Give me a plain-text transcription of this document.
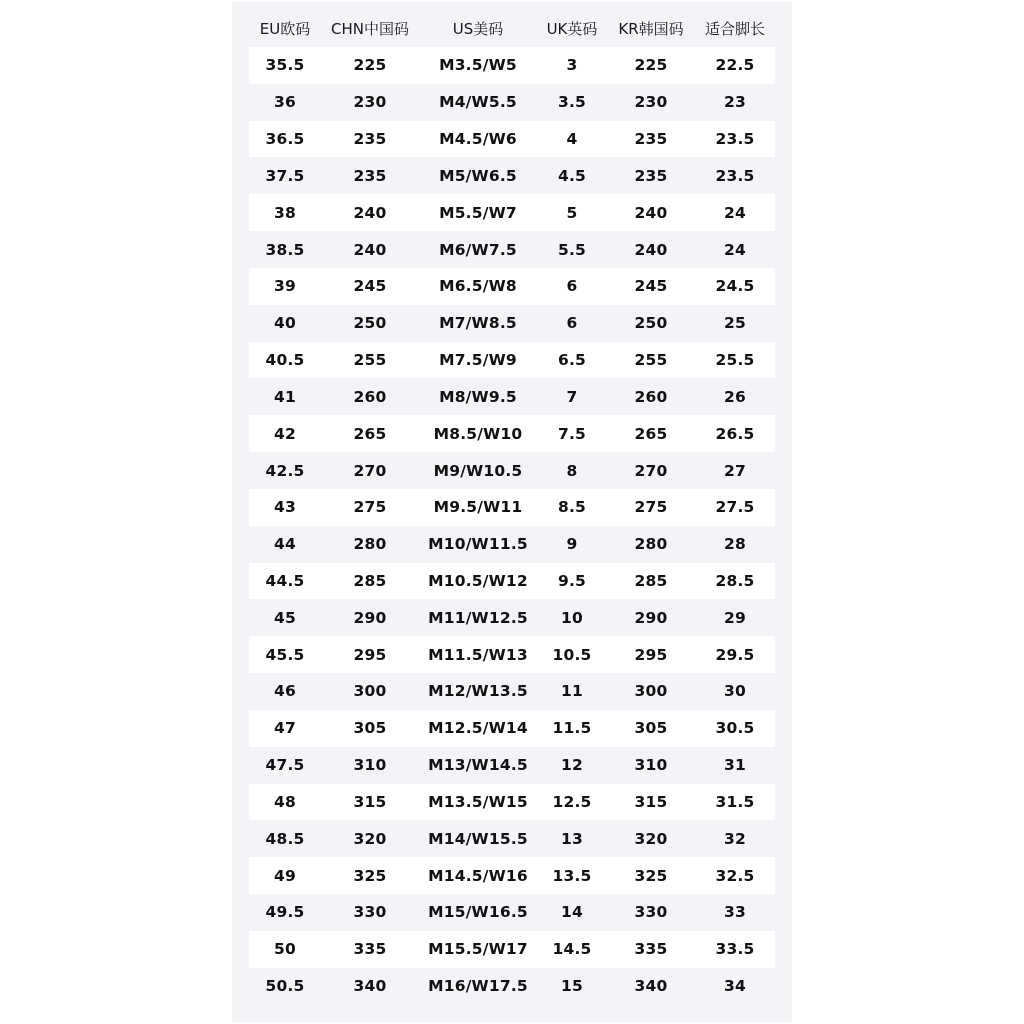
EU欧码	CHN中国码	US美码	UK英码	KR韩国码	适合脚长
35.5	225	M3.5/W5	3	225	22.5
36	230	M4/W5.5	3.5	230	23
36.5	235	M4.5/W6	4	235	23.5
37.5	235	M5/W6.5	4.5	235	23.5
38	240	M5.5/W7	5	240	24
38.5	240	M6/W7.5	5.5	240	24
39	245	M6.5/W8	6	245	24.5
40	250	M7/W8.5	6	250	25
40.5	255	M7.5/W9	6.5	255	25.5
41	260	M8/W9.5	7	260	26
42	265	M8.5/W10	7.5	265	26.5
42.5	270	M9/W10.5	8	270	27
43	275	M9.5/W11	8.5	275	27.5
44	280	M10/W11.5	9	280	28
44.5	285	M10.5/W12	9.5	285	28.5
45	290	M11/W12.5	10	290	29
45.5	295	M11.5/W13	10.5	295	29.5
46	300	M12/W13.5	11	300	30
47	305	M12.5/W14	11.5	305	30.5
47.5	310	M13/W14.5	12	310	31
48	315	M13.5/W15	12.5	315	31.5
48.5	320	M14/W15.5	13	320	32
49	325	M14.5/W16	13.5	325	32.5
49.5	330	M15/W16.5	14	330	33
50	335	M15.5/W17	14.5	335	33.5
50.5	340	M16/W17.5	15	340	34
